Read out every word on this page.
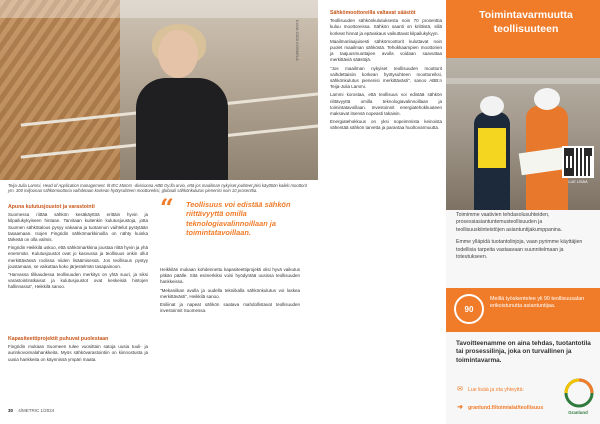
KUVA OSSI KOSKELA
Teija-Julia Lammi, Head of Application management. Ilt IEC Motors -divisioona ABB Oy:lla arvio, että jos maailman nykyiset jouhteet jäisi käyttöön kaikki moottorit ym. 300 miljoonaa sähkömoottoria vaihdetaan korkean hyötysuhteen moottoreiksi, globaali sähkönkulutus pienenisi noin 10 prosenttia.
Apuna kulutusjoustot ja varastointi

Suomessa riittää sähkön kesäkäyttöä erittäin hyvin ja kilpailukykyiseen hintaan. Tarvitaan kuitenkin kulutusjoustoja, jotta Suomen sähkötalous pysyy vakaana ja tuotannon vaihtelut pystytään tasaamaan. Isojen Fingridin sähkömarkkinoilla on nähty kuinka tärkeää on olla valmis.

Fingridin Heikkilä uskoo, että sähkömarkkina joustaa riittä hyvin ja yhä enemmän. Kulutusjoustot ovat jo kasvussa ja teollisuus onkin ollut merkittävässä roolissa niiden lisäämisessä. Jos teollisuus pystyy joustamaan, se vaikuttaa koko järjestelmän tasapainoon.

"Harvassa tilikaudessa teollisuuden merkitys on yhtä suuri, ja siksi varastointiratkaisut ja kulutusjoustot ovat keskeisiä hintojen hallinnassa", Heikkilä sanoo.

Kapasiteettiprojektit puhuvat puolestaan

Fingridin mukaan Suomeen tulee vuosittain satoja uusia tuuli- ja aurinkovoimalahankkeita. Myös sähkövarastointiin on kiinnostusta ja uusia hankkeita on käynnissä ympäri maata.

“ Teollisuus voi edistää sähkön riittävyyttä omilla teknologiavalinnoillaan ja toimintatavoillaan.

Heikkilän mukaan kohdennettu kapasiteettiprojekti olisi hyvä vaikutus pitkän päälle. Sitä esimerkiksi voisi hyödyntää uusissa teollisuuden hankkeissa.

"Mekaniikan avulla ja uudella tekniikalla sähkönkulutus voi laskea merkittävästi", Heikkilä sanoo.

Esiliinat ja napeat sähkön saatava mahdollistavat teollisuuden investoinnit Suomessa.

Sähkömoottoreilla valtavat säästöt

Teollisuuden sähkönkulutuksesta noin 70 prosenttia kuluu moottoreissa. Sähkön saanti on kriittistä, sillä korkeat hinnat ja epävakaus vaikuttavat kilpailukykyyn.

Maailmanlaajuisesti sähkömoottorit kuluttavat noin puolet maailman sähköstä. Tehokkaampien moottorien ja taajuusmuuttajien avulla voidaan saavuttaa merkittäviä säästöjä.

"Jos maailman nykyiset teollisuuden moottorit vaihdettaisiin korkean hyötysuhteen moottoreiksi, sähkönkulutus pienenisi merkittävästi", sanoo ABB:n Teija-Julia Lammi.

Lammi korostaa, että teollisuus voi edistää sähkön riittävyyttä omilla teknologiavalinnoillaan ja toimintatavoillaan. Investoinnit energiatehokkuuteen maksavat itsensä nopeasti takaisin.

Energiatehokkuus on yksi nopeimmista keinoista vähentää sähkön tarvetta ja parantaa huoltovarmuutta.

30 4/METRIC 1/2024
Toimintavarmuutta teollisuuteen
LUE LISÄÄ

Toimimme vaativien tehdasolusuhteiden, prosessiasiantuntemusteollisuuden ja teollisuuskiinteistöjen asiantuntijakumppanina.

Emme ylläpidä tuotantolinjoja, vaan pyrimme käyttäjien todellisia tarpeita vastaavaan suunnitelmaan ja toteutukseen.

90
Meillä työskentelee yli 90 teollisuusalan erikoistunutta asiantuntijaa.
Tavoitteenamme on aina tehdas, tuotantotila tai prosessilinja, joka on turvallinen ja toimintavarma.
✉ Lue lisää ja ota yhteyttä:
➜ granlund.fi/toimialat/teollisuus
Granlund
